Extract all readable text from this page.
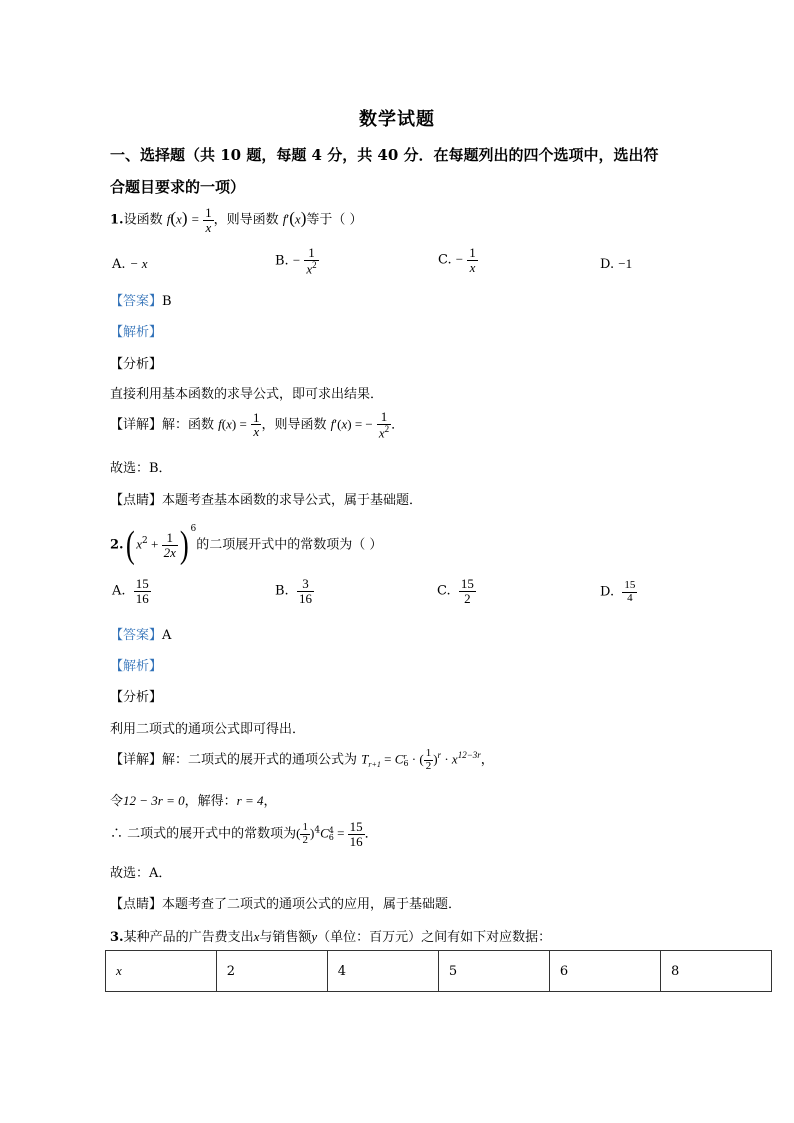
数学试题
一、选择题（共 10 题，每题 4 分，共 40 分．在每题列出的四个选项中，选出符
合题目要求的一项）
1.设函数 $f(x) = \frac{1}{x}$ ，则导函数 f′(x)等于（ ）
A. − x	B. − $\frac{1}{x^2}$	C. − $\frac{1}{x}$	D. −1
【答案】B
【解析】
【分析】
直接利用基本函数的求导公式，即可求出结果．
【详解】解：函数 $f(x) = \frac{1}{x}$ ，则导函数 f′(x) = − $\frac{1}{x^2}$ ．
故选：B．
【点睛】本题考查基本函数的求导公式，属于基础题．
2.( $x^2 + \frac{1}{2x}$ ) $^6$的二项展开式中的常数项为（ ）
A. $\frac{15}{16}$	B. $\frac{3}{16}$	C. $\frac{15}{2}$	D. $\frac{15}{4}$
【答案】A
【解析】
【分析】
利用二项式的通项公式即可得出．
【详解】解：二项式的展开式的通项公式为 $T_{r+1} = C$ r
6 · ( $\frac{1}{2} )^r \cdot x^{12-3r}$，
令12 − 3r = 0，解得：r = 4，
∴ 二项式的展开式中的常数项为( $\frac{1}{2} )^4C$ 4
$6 = \frac{15}{16}$ ．
故选：A．
【点睛】本题考查了二项式的通项公式的应用，属于基础题．
3.某种产品的广告费支出x与销售额y（单位：百万元）之间有如下对应数据：
x	2	4	5	6	8
